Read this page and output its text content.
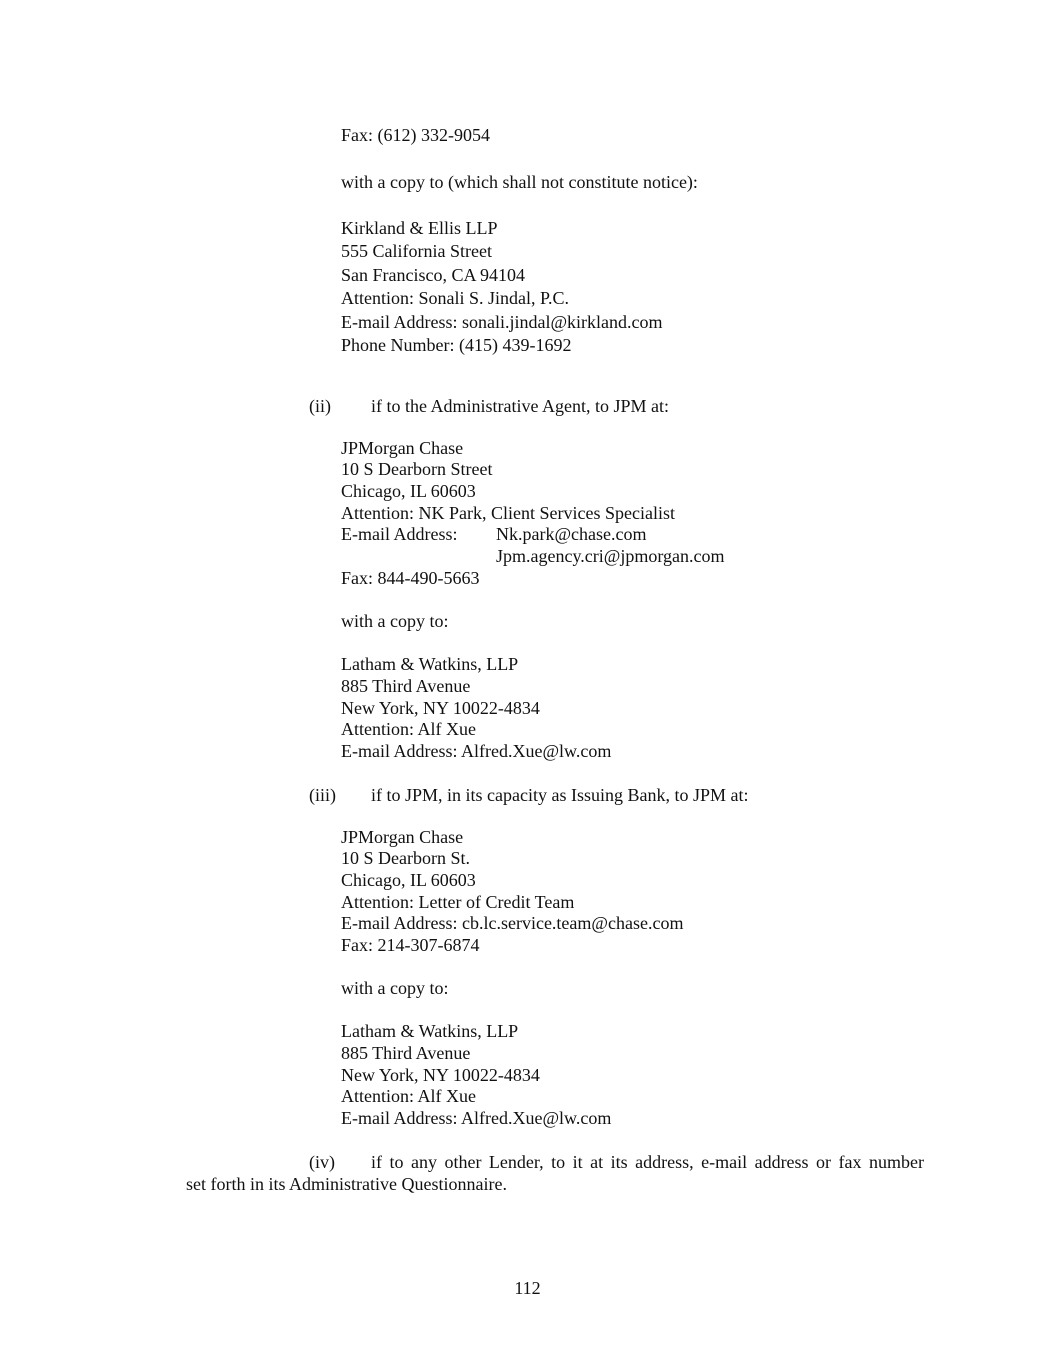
Fax: (612) 332-9054
with a copy to (which shall not constitute notice):
Kirkland & Ellis LLP
555 California Street
San Francisco, CA 94104
Attention: Sonali S. Jindal, P.C.
E-mail Address: sonali.jindal@kirkland.com
Phone Number: (415) 439-1692
(ii) if to the Administrative Agent, to JPM at:
JPMorgan Chase
10 S Dearborn Street
Chicago, IL 60603
Attention: NK Park, Client Services Specialist
E-mail Address: Nk.park@chase.com
Jpm.agency.cri@jpmorgan.com
Fax: 844-490-5663
with a copy to:
Latham & Watkins, LLP
885 Third Avenue
New York, NY 10022-4834
Attention: Alf Xue
E-mail Address: Alfred.Xue@lw.com
(iii) if to JPM, in its capacity as Issuing Bank, to JPM at:
JPMorgan Chase
10 S Dearborn St.
Chicago, IL 60603
Attention: Letter of Credit Team
E-mail Address: cb.lc.service.team@chase.com
Fax: 214-307-6874
with a copy to:
Latham & Watkins, LLP
885 Third Avenue
New York, NY 10022-4834
Attention: Alf Xue
E-mail Address: Alfred.Xue@lw.com
(iv) if to any other Lender, to it at its address, e-mail address or fax number
set forth in its Administrative Questionnaire.
112
